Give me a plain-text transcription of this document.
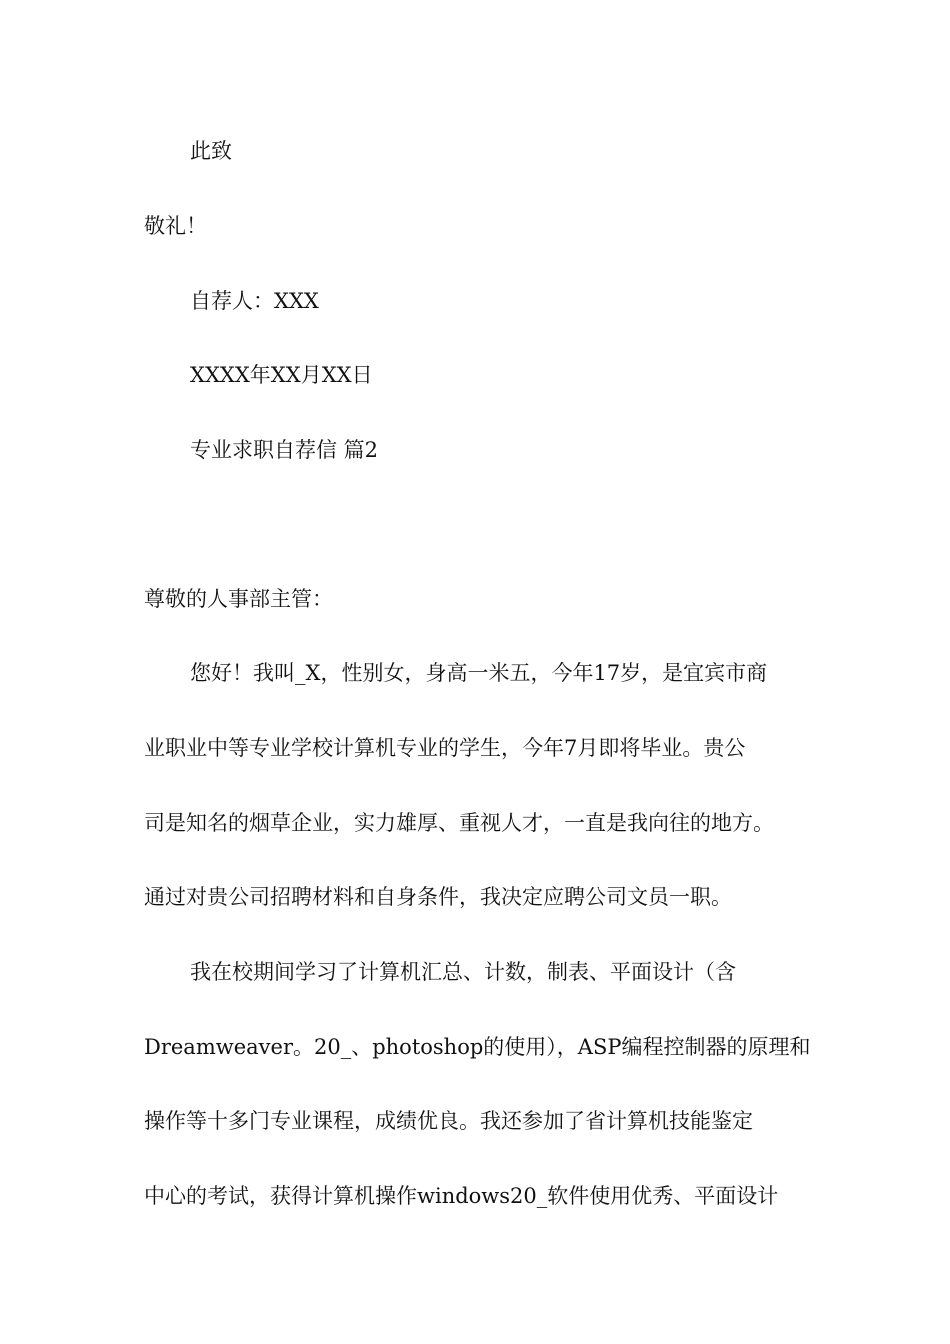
此致
敬礼！
自荐人：XXX
XXXX年XX月XX日
专业求职自荐信 篇2
尊敬的人事部主管：
您好！我叫_X，性别女，身高一米五，今年17岁，是宜宾市商
业职业中等专业学校计算机专业的学生，今年7月即将毕业。贵公
司是知名的烟草企业，实力雄厚、重视人才，一直是我向往的地方。
通过对贵公司招聘材料和自身条件，我决定应聘公司文员一职。
我在校期间学习了计算机汇总、计数，制表、平面设计（含
Dreamweaver。20_、photoshop的使用），ASP编程控制器的原理和
操作等十多门专业课程，成绩优良。我还参加了省计算机技能鉴定
中心的考试，获得计算机操作windows20_软件使用优秀、平面设计
